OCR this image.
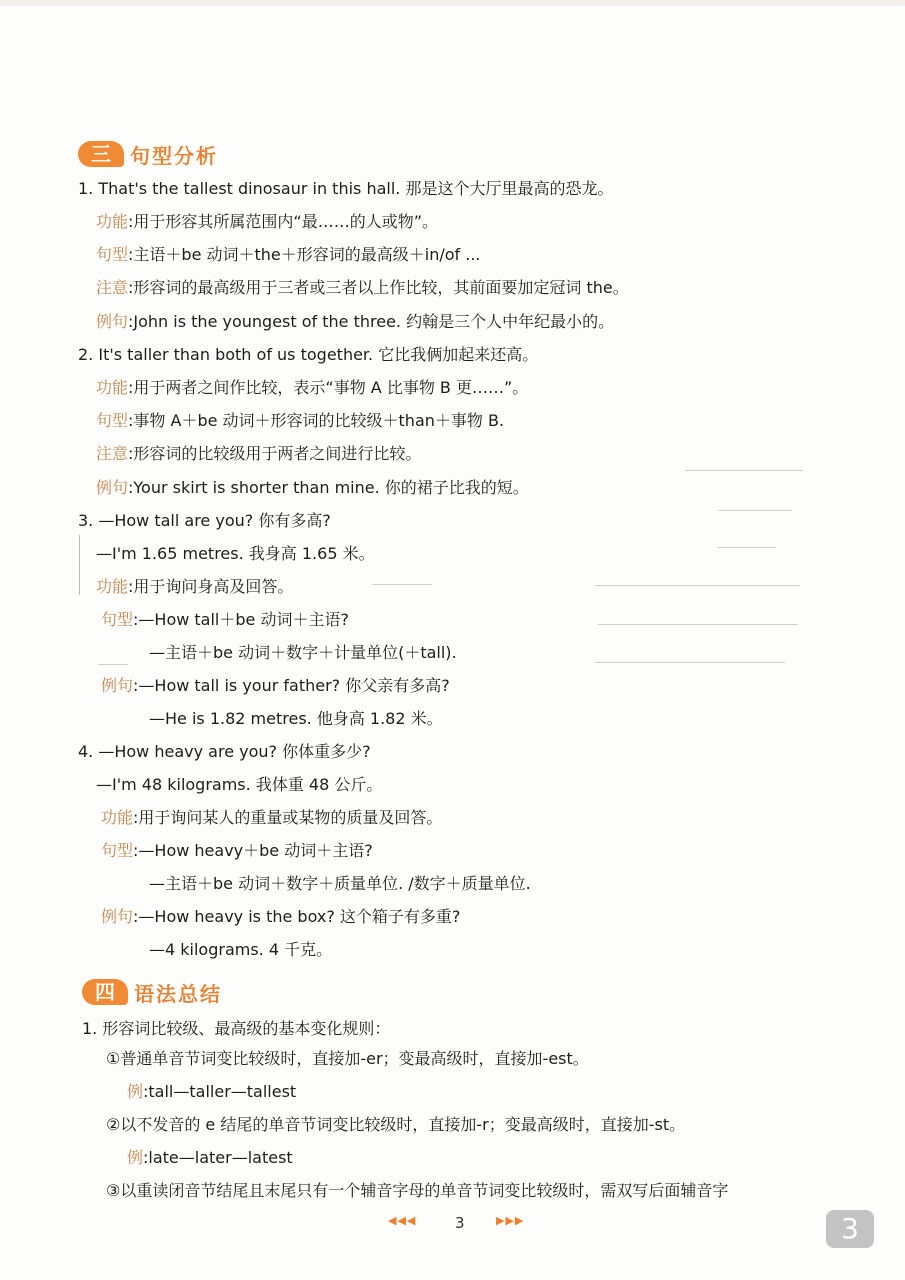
三 句型分析
1. That's the tallest dinosaur in this hall. 那是这个大厅里最高的恐龙。
功能:用于形容其所属范围内“最……的人或物”。
句型:主语＋be 动词＋the＋形容词的最高级＋in/of ...
注意:形容词的最高级用于三者或三者以上作比较，其前面要加定冠词 the。
例句:John is the youngest of the three. 约翰是三个人中年纪最小的。
2. It's taller than both of us together. 它比我俩加起来还高。
功能:用于两者之间作比较，表示“事物 A 比事物 B 更……”。
句型:事物 A＋be 动词＋形容词的比较级＋than＋事物 B.
注意:形容词的比较级用于两者之间进行比较。
例句:Your skirt is shorter than mine. 你的裙子比我的短。
3. —How tall are you? 你有多高?
—I'm 1.65 metres. 我身高 1.65 米。
功能:用于询问身高及回答。
句型:—How tall＋be 动词＋主语?
—主语＋be 动词＋数字＋计量单位(＋tall).
例句:—How tall is your father? 你父亲有多高?
—He is 1.82 metres. 他身高 1.82 米。
4. —How heavy are you? 你体重多少?
—I'm 48 kilograms. 我体重 48 公斤。
功能:用于询问某人的重量或某物的质量及回答。
句型:—How heavy＋be 动词＋主语?
—主语＋be 动词＋数字＋质量单位. /数字＋质量单位.
例句:—How heavy is the box? 这个箱子有多重?
—4 kilograms. 4 千克。
四 语法总结
1. 形容词比较级、最高级的基本变化规则：
①普通单音节词变比较级时，直接加-er；变最高级时，直接加-est。
例:tall—taller—tallest
②以不发音的 e 结尾的单音节词变比较级时，直接加-r；变最高级时，直接加-st。
例:late—later—latest
③以重读闭音节结尾且末尾只有一个辅音字母的单音节词变比较级时，需双写后面辅音字
◀◀◀	3	▶▶▶	3
